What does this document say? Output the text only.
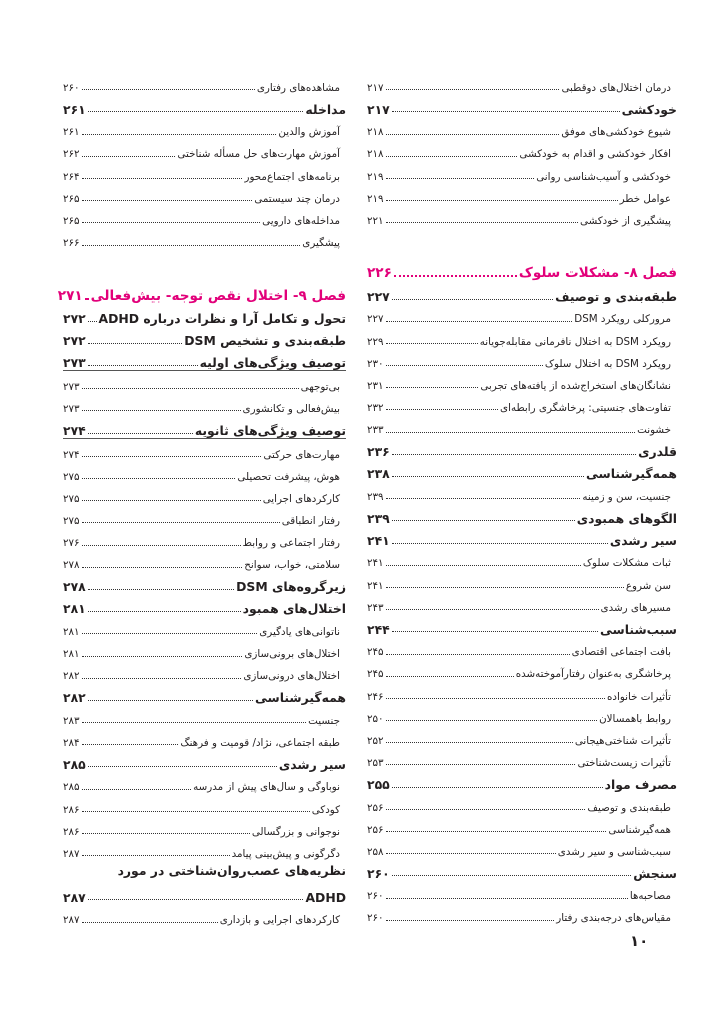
درمان اختلال‌های دوقطبی
۲۱۷
خودکشی
۲۱۷
شیوع خودکشی‌های موفق
۲۱۸
افکار خودکشی و اقدام به خودکشی
۲۱۸
خودکشی و آسیب‌شناسی روانی
۲۱۹
عوامل خطر
۲۱۹
پیشگیری از خودکشی
۲۲۱
فصل ۸- مشکلات سلوک
۲۲۶
طبقه‌بندی و توصیف
۲۲۷
مرورکلی رویکرد DSM
۲۲۷
رویکرد DSM به اختلال نافرمانی مقابله‌جویانه
۲۲۹
رویکرد DSM به اختلال سلوک
۲۳۰
نشانگان‌های استخراج‌شده از یافته‌های تجربی
۲۳۱
تفاوت‌های جنسیتی: پرخاشگری رابطه‌ای
۲۳۲
خشونت
۲۳۳
قلدری
۲۳۶
همه‌گیرشناسی
۲۳۸
جنسیت، سن و زمینه
۲۳۹
الگوهای همبودی
۲۳۹
سیر رشدی
۲۴۱
ثبات مشکلات سلوک
۲۴۱
سن شروع
۲۴۱
مسیرهای رشدی
۲۴۳
سبب‌شناسی
۲۴۴
بافت اجتماعی اقتصادی
۲۴۵
پرخاشگری به‌عنوان رفتارآموخته‌شده
۲۴۵
تأثیرات خانواده
۲۴۶
روابط باهمسالان
۲۵۰
تأثیرات شناختی‌هیجانی
۲۵۲
تأثیرات زیست‌شناختی
۲۵۳
مصرف مواد
۲۵۵
طبقه‌بندی و توصیف
۲۵۶
همه‌گیرشناسی
۲۵۶
سبب‌شناسی و سیر رشدی
۲۵۸
سنجش
۲۶۰
مصاحبه‌ها
۲۶۰
مقیاس‌های درجه‌بندی رفتار
۲۶۰
مشاهده‌های رفتاری
۲۶۰
مداخله
۲۶۱
آموزش والدین
۲۶۱
آموزش مهارت‌های حل مسأله شناختی
۲۶۲
برنامه‌های اجتماع‌محور
۲۶۴
درمان چند سیستمی
۲۶۵
مداخله‌های دارویی
۲۶۵
پیشگیری
۲۶۶
فصل ۹- اختلال نقص توجه- بیش‌فعالی
۲۷۱
تحول و تکامل آرا و نظرات درباره ADHD
۲۷۲
طبقه‌بندی و تشخیص DSM
۲۷۲
توصیف ویژگی‌های اولیه
۲۷۳
بی‌توجهی
۲۷۳
بیش‌فعالی و تکانشوری
۲۷۳
توصیف ویژگی‌های ثانویه
۲۷۴
مهارت‌های حرکتی
۲۷۴
هوش، پیشرفت تحصیلی
۲۷۵
کارکردهای اجرایی
۲۷۵
رفتار انطباقی
۲۷۵
رفتار اجتماعی و روابط
۲۷۶
سلامتی، خواب، سوانح
۲۷۸
زیرگروه‌های DSM
۲۷۸
اختلال‌های همبود
۲۸۱
ناتوانی‌های یادگیری
۲۸۱
اختلال‌های برونی‌سازی
۲۸۱
اختلال‌های درونی‌سازی
۲۸۲
همه‌گیرشناسی
۲۸۲
جنسیت
۲۸۳
طبقه اجتماعی، نژاد/ قومیت و فرهنگ
۲۸۴
سیر رشدی
۲۸۵
نوباوگی و سال‌های پیش از مدرسه
۲۸۵
کودکی
۲۸۶
نوجوانی و بزرگسالی
۲۸۶
دگرگونی و پیش‌بینی پیامد
۲۸۷
نظریه‌های عصب‌روان‌شناختی در مورد
ADHD
۲۸۷
کارکردهای اجرایی و بازداری
۲۸۷
۱۰
